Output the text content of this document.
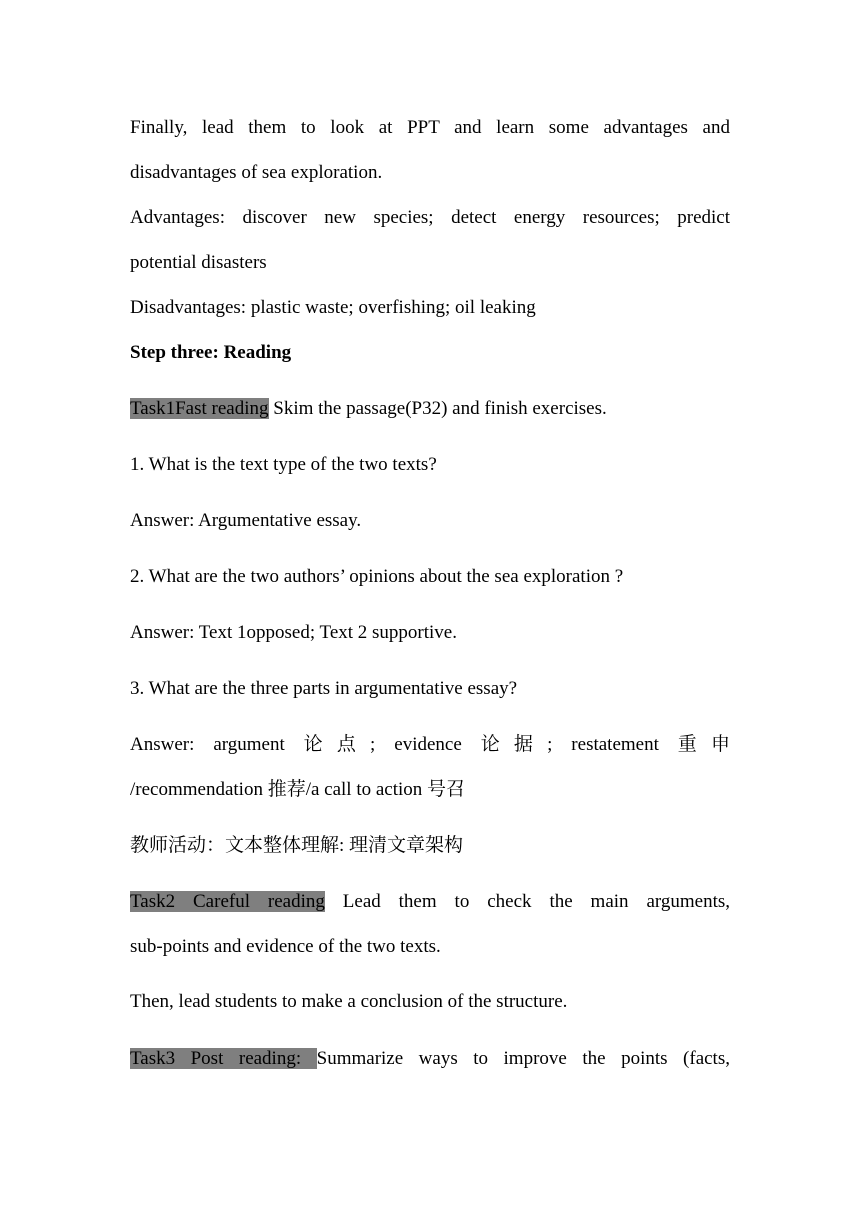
Finally, lead them to look at PPT and learn some advantages and
disadvantages of sea exploration.
Advantages: discover new species; detect energy resources; predict
potential disasters
Disadvantages: plastic waste; overfishing; oil leaking
Step three: Reading
Task1Fast reading Skim the passage(P32) and finish exercises.
1. What is the text type of the two texts?
Answer: Argumentative essay.
2. What are the two authors’ opinions about the sea exploration ?
Answer: Text 1opposed; Text 2 supportive.
3. What are the three parts in argumentative essay?
Answer: argument 论点; evidence 论据; restatement 重申
/recommendation 推荐/a call to action 号召
教师活动：文本整体理解: 理清文章架构
Task2 Careful reading Lead them to check the main arguments,
sub-points and evidence of the two texts.
Then, lead students to make a conclusion of the structure.
Task3 Post reading: Summarize ways to improve the points (facts,
